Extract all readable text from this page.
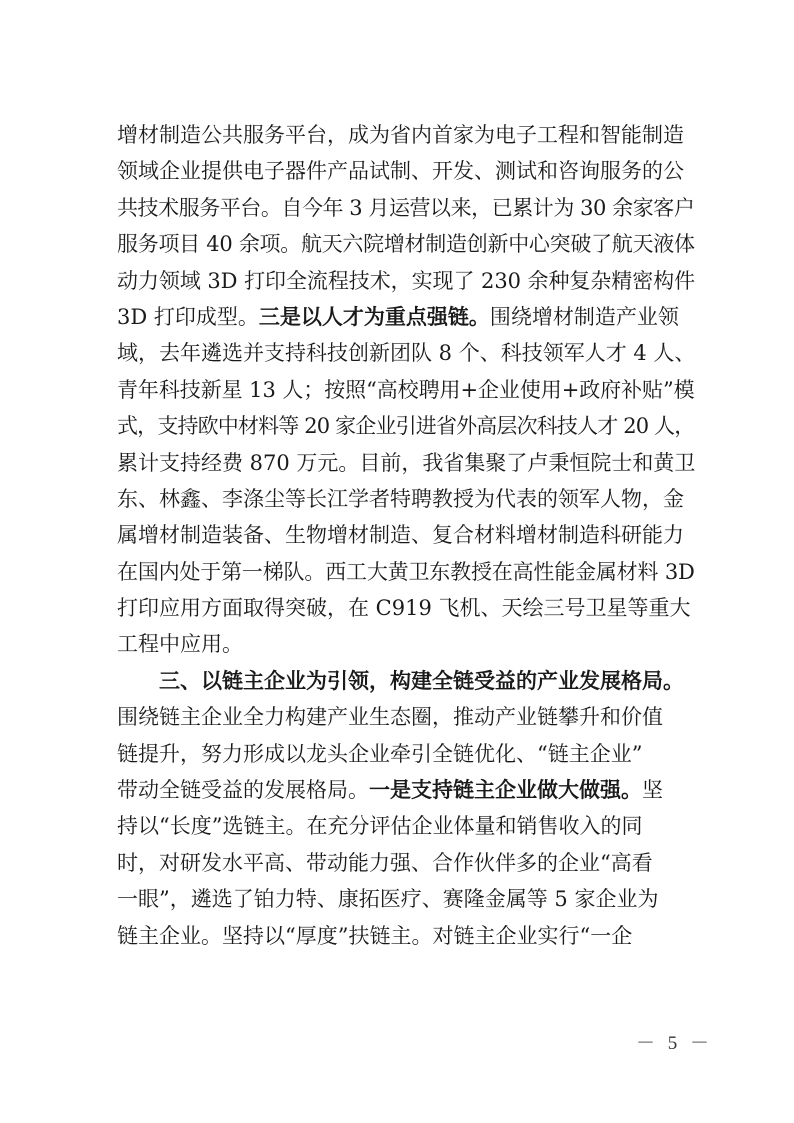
增材制造公共服务平台，成为省内首家为电子工程和智能制造
领域企业提供电子器件产品试制、开发、测试和咨询服务的公
共技术服务平台。自今年 3 月运营以来，已累计为 30 余家客户
服务项目 40 余项。航天六院增材制造创新中心突破了航天液体
动力领域 3D 打印全流程技术，实现了 230 余种复杂精密构件
3D 打印成型。三是以人才为重点强链。围绕增材制造产业领
域，去年遴选并支持科技创新团队 8 个、科技领军人才 4 人、
青年科技新星 13 人；按照“高校聘用+企业使用+政府补贴”模
式，支持欧中材料等 20 家企业引进省外高层次科技人才 20 人，
累计支持经费 870 万元。目前，我省集聚了卢秉恒院士和黄卫
东、林鑫、李涤尘等长江学者特聘教授为代表的领军人物，金
属增材制造装备、生物增材制造、复合材料增材制造科研能力
在国内处于第一梯队。西工大黄卫东教授在高性能金属材料 3D
打印应用方面取得突破，在 C919 飞机、天绘三号卫星等重大
工程中应用。
三、以链主企业为引领，构建全链受益的产业发展格局。
围绕链主企业全力构建产业生态圈，推动产业链攀升和价值
链提升，努力形成以龙头企业牵引全链优化、“链主企业”
带动全链受益的发展格局。一是支持链主企业做大做强。坚
持以“长度”选链主。在充分评估企业体量和销售收入的同
时，对研发水平高、带动能力强、合作伙伴多的企业“高看
一眼”，遴选了铂力特、康拓医疗、赛隆金属等 5 家企业为
链主企业。坚持以“厚度”扶链主。对链主企业实行“一企
－ 5 －
